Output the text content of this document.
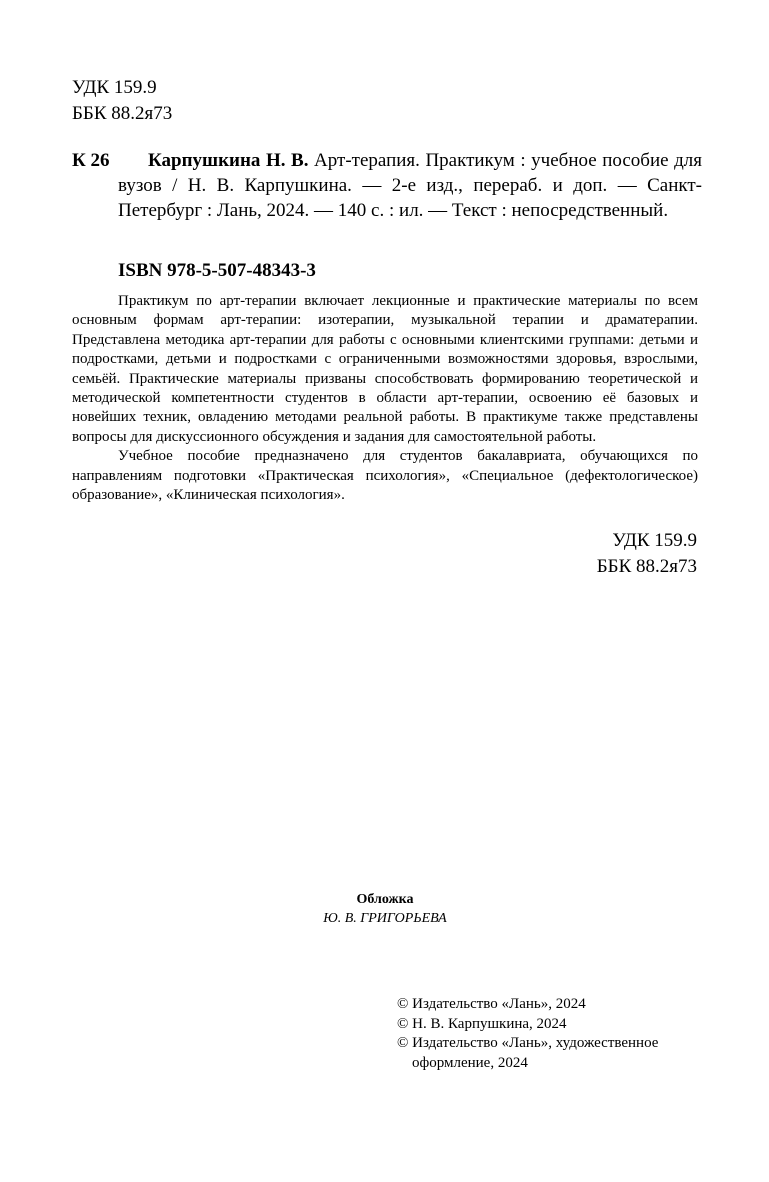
УДК 159.9
ББК 88.2я73
К 26	Карпушкина Н. В. Арт-терапия. Практикум : учебное пособие для вузов / Н. В. Карпушкина. — 2-е изд., перераб. и доп. — Санкт-Петербург : Лань, 2024. — 140 с. : ил. — Текст : непосредственный.
ISBN 978-5-507-48343-3

Практикум по арт-терапии включает лекционные и практические материалы по всем основным формам арт-терапии: изотерапии, музыкальной терапии и драматерапии. Представлена методика арт-терапии для работы с основными клиентскими группами: детьми и подростками, детьми и подростками с ограниченными возможностями здоровья, взрослыми, семьёй. Практические материалы призваны способствовать формированию теоретической и методической компетентности студентов в области арт-терапии, освоению её базовых и новейших техник, овладению методами реальной работы. В практикуме также представлены вопросы для дискуссионного обсуждения и задания для самостоятельной работы.

Учебное пособие предназначено для студентов бакалавриата, обучающихся по направлениям подготовки «Практическая психология», «Специальное (дефектологическое) образование», «Клиническая психология».

УДК 159.9
ББК 88.2я73
Обложка
Ю. В. ГРИГОРЬЕВА
© Издательство «Лань», 2024
© Н. В. Карпушкина, 2024
© Издательство «Лань», художественное
оформление, 2024
